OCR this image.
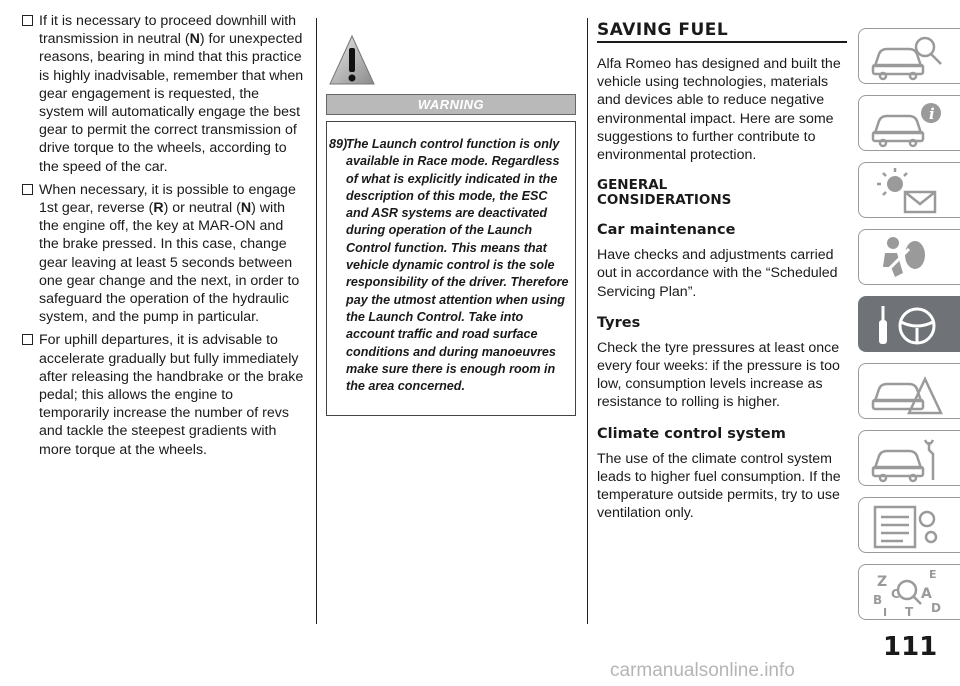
If it is necessary to proceed downhill with transmission in neutral (N) for unexpected reasons, bearing in mind that this practice is highly inadvisable, remember that when gear engagement is requested, the system will automatically engage the best gear to permit the correct transmission of drive torque to the wheels, according to the speed of the car.
When necessary, it is possible to engage 1st gear, reverse (R) or neutral (N) with the engine off, the key at MAR-ON and the brake pressed. In this case, change gear leaving at least 5 seconds between one gear change and the next, in order to safeguard the operation of the hydraulic system, and the pump in particular.
For uphill departures, it is advisable to accelerate gradually but fully immediately after releasing the handbrake or the brake pedal; this allows the engine to temporarily increase the number of revs and tackle the steepest gradients with more torque at the wheels.
WARNING
89)
The Launch control function is only available in Race mode. Regardless of what is explicitly indicated in the description of this mode, the ESC and ASR systems are deactivated during operation of the Launch Control function. This means that vehicle dynamic control is the sole responsibility of the driver. Therefore pay the utmost attention when using the Launch Control. Take into account traffic and road surface conditions and during manoeuvres make sure there is enough room in the area concerned.
SAVING FUEL
Alfa Romeo has designed and built the vehicle using technologies, materials and devices able to reduce negative environmental impact. Here are some suggestions to further contribute to environmental protection.
GENERAL
CONSIDERATIONS
Car maintenance
Have checks and adjustments carried out in accordance with the “Scheduled Servicing Plan”.
Tyres
Check the tyre pressures at least once every four weeks: if the pressure is too low, consumption levels increase as resistance to rolling is higher.
Climate control system
The use of the climate control system leads to higher fuel consumption. If the temperature outside permits, try to use ventilation only.
i
Z	E
B C A
D
I T
111
carmanualsonline.info
